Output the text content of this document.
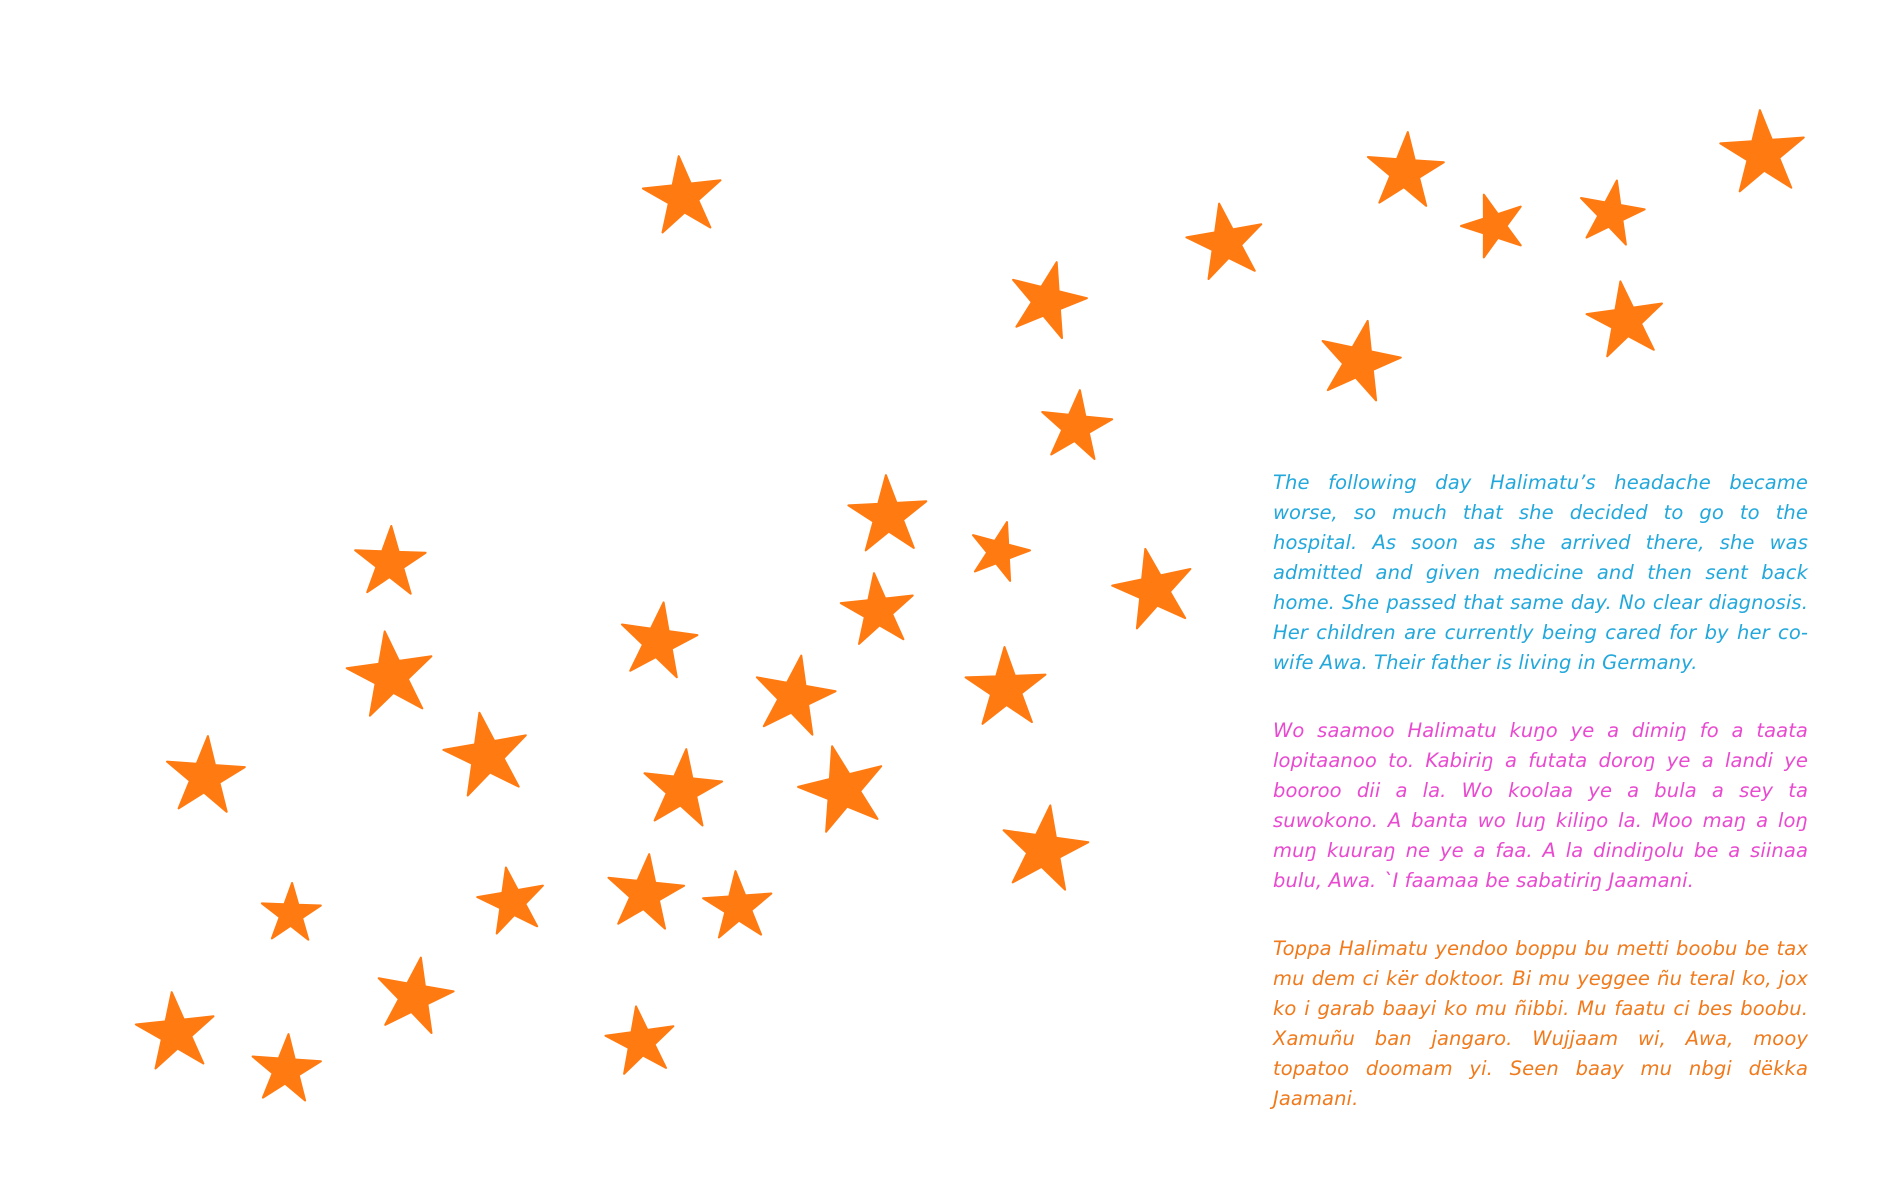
The following day Halimatu’s headache became worse, so much that she decided to go to the hospital. As soon as she arrived there, she was admitted and given medicine and then sent back home. She passed that same day. No clear diagnosis. Her children are currently being cared for by her co-wife Awa. Their father is living in Germany.

Wo saamoo Halimatu kuŋo ye a dimiŋ fo a taata lopitaanoo to. Kabiriŋ a futata doroŋ ye a landi ye booroo dii a la. Wo koolaa ye a bula a sey ta suwokono. A banta wo luŋ kiliŋo la. Moo maŋ a loŋ muŋ kuuraŋ ne ye a faa. A la dindiŋolu be a siinaa bulu, Awa. `I faamaa be sabatiriŋ Jaamani.

Toppa Halimatu yendoo boppu bu metti boobu be tax mu dem ci kër doktoor. Bi mu yeggee ñu teral ko, jox ko i garab baayi ko mu ñibbi. Mu faatu ci bes boobu. Xamuñu ban jangaro. Wujjaam wi, Awa, mooy topatoo doomam yi. Seen baay mu nbgi dëkka Jaamani.
